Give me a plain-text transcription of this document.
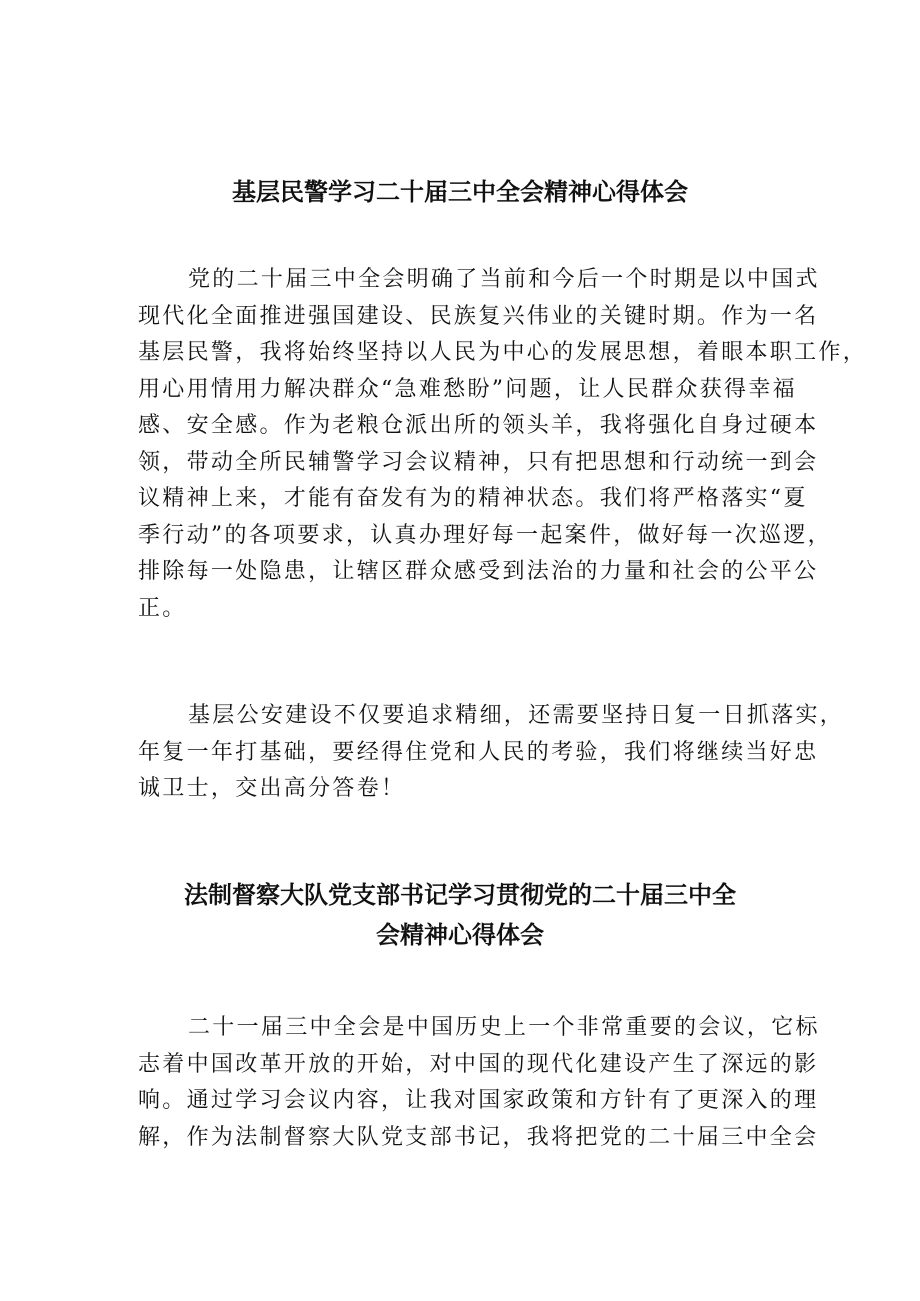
基层民警学习二十届三中全会精神心得体会
党的二十届三中全会明确了当前和今后一个时期是以中国式
现代化全面推进强国建设、民族复兴伟业的关键时期。作为一名
基层民警，我将始终坚持以人民为中心的发展思想，着眼本职工作，
用心用情用力解决群众“急难愁盼”问题，让人民群众获得幸福
感、安全感。作为老粮仓派出所的领头羊，我将强化自身过硬本
领，带动全所民辅警学习会议精神，只有把思想和行动统一到会
议精神上来，才能有奋发有为的精神状态。我们将严格落实“夏
季行动”的各项要求，认真办理好每一起案件，做好每一次巡逻，
排除每一处隐患，让辖区群众感受到法治的力量和社会的公平公
正。
基层公安建设不仅要追求精细，还需要坚持日复一日抓落实，
年复一年打基础，要经得住党和人民的考验，我们将继续当好忠
诚卫士，交出高分答卷！
法制督察大队党支部书记学习贯彻党的二十届三中全
会精神心得体会
二十一届三中全会是中国历史上一个非常重要的会议，它标
志着中国改革开放的开始，对中国的现代化建设产生了深远的影
响。通过学习会议内容，让我对国家政策和方针有了更深入的理
解，作为法制督察大队党支部书记，我将把党的二十届三中全会
